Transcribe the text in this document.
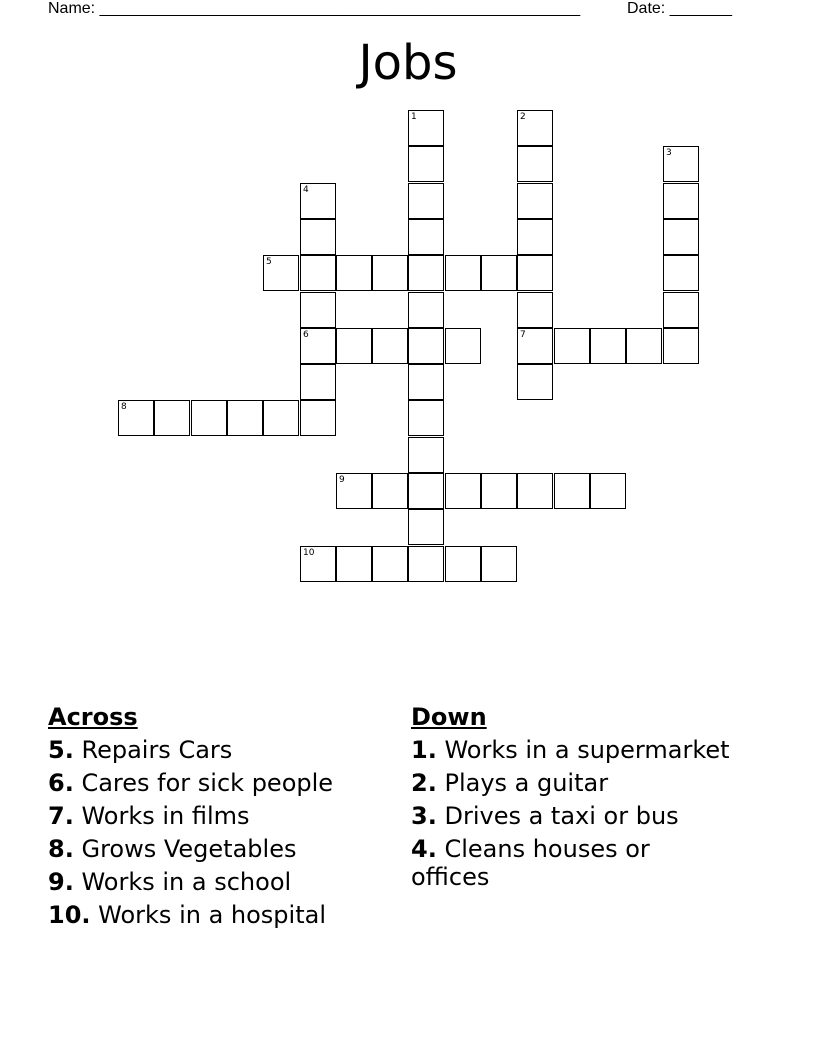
Name: ______________________________________________________	Date: _______
Jobs
1	2
3
4
5
6	7
8
9
10
Across
5. Repairs Cars
6. Cares for sick people
7. Works in films
8. Grows Vegetables
9. Works in a school
10. Works in a hospital
Down
1. Works in a supermarket
2. Plays a guitar
3. Drives a taxi or bus
4. Cleans houses or offices
